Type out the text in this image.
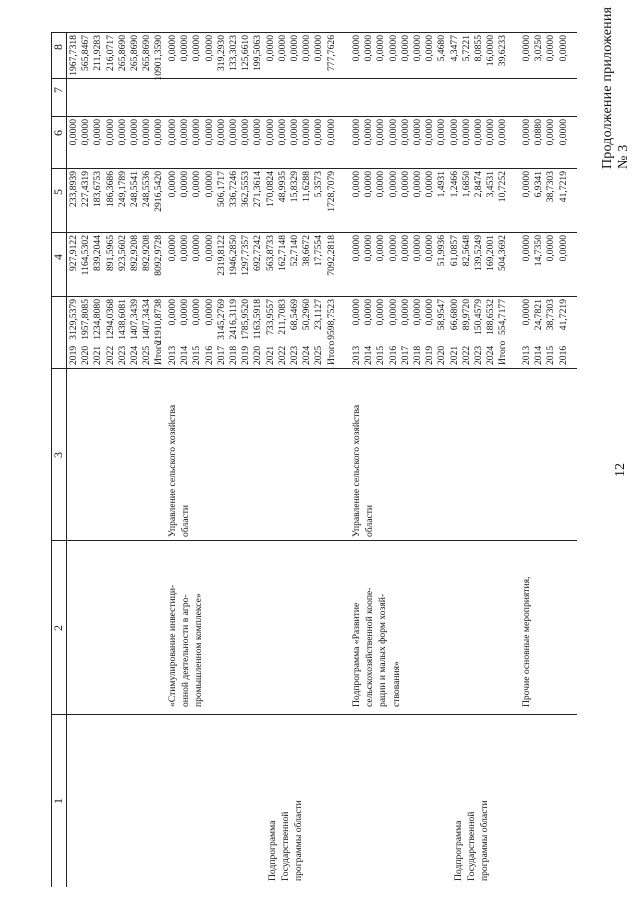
12
Продолжение приложения № 3
1
2
3
4
5
6
7
8
2019
3129,5379
927,9122
233,8939
0,0000
1967,7318
2020
1957,8085
1164,5302
227,4319
0,0000
565,8467
2021
1234,8080
839,2044
183,6753
0,0000
211,9283
2022
1294,0368
891,5965
186,3686
0,0000
216,0717
2023
1438,6081
923,5602
249,1789
0,0000
265,8690
2024
1407,3439
892,9208
248,5541
0,0000
265,8690
2025
1407,3434
892,9208
248,5536
0,0000
265,8690
Итого
21910,8738
8092,9728
2916,5420
0,0000
10901,3590
2013
0,0000
0,0000
0,0000
0,0000
0,0000
2014
0,0000
0,0000
0,0000
0,0000
0,0000
2015
0,0000
0,0000
0,0000
0,0000
0,0000
2016
0,0000
0,0000
0,0000
0,0000
0,0000
2017
3145,2769
2319,8122
506,1717
0,0000
319,2930
2018
2416,3119
1946,2850
336,7246
0,0000
133,3023
2019
1785,9520
1297,7357
362,5553
0,0000
125,6610
2020
1163,5918
692,7242
271,3614
0,0000
199,5063
2021
733,9557
563,8733
170,0824
0,0000
0,0000
2022
211,7083
162,7148
48,9935
0,0000
0,0000
2023
68,5469
52,7140
15,8329
0,0000
0,0000
2024
50,2960
38,6672
11,6288
0,0000
0,0000
2025
23,1127
17,7554
5,3573
0,0000
0,0000
Итого
9598,7523
7092,2818
1728,7079
0,0000
777,7626
Подпрограмма Государственной программы области
«Стимулирование инвестици- онной деятельности в агро- промышленном комплексе»
Управление сельского хозяйства области
2013
0,0000
0,0000
0,0000
0,0000
0,0000
2014
0,0000
0,0000
0,0000
0,0000
0,0000
2015
0,0000
0,0000
0,0000
0,0000
0,0000
2016
0,0000
0,0000
0,0000
0,0000
0,0000
2017
0,0000
0,0000
0,0000
0,0000
0,0000
2018
0,0000
0,0000
0,0000
0,0000
0,0000
2019
0,0000
0,0000
0,0000
0,0000
0,0000
2020
58,9547
51,9936
1,4931
0,0000
5,4680
2021
66,6800
61,0857
1,2466
0,0000
4,3477
2022
89,9720
82,5648
1,6850
0,0000
5,7221
2023
150,4579
139,5249
2,8474
0,0000
8,0855
2024
188,6532
169,2001
3,4531
0,0000
16,0000
Итого
554,7177
504,3692
10,7252
0,0000
39,6233
Подпрограмма Государственной программы области
Подпрограмма «Развитие сельскохозяйственной коопе- рации и малых форм хозяй- ствования»
Управление сельского хозяйства области
2013
0,0000
0,0000
0,0000
0,0000
0,0000
2014
24,7821
14,7350
6,9341
0,0880
3,0250
2015
38,7303
0,0000
38,7303
0,0000
0,0000
2016
41,7219
0,0000
41,7219
0,0000
0,0000
Прочие основные мероприятия,
